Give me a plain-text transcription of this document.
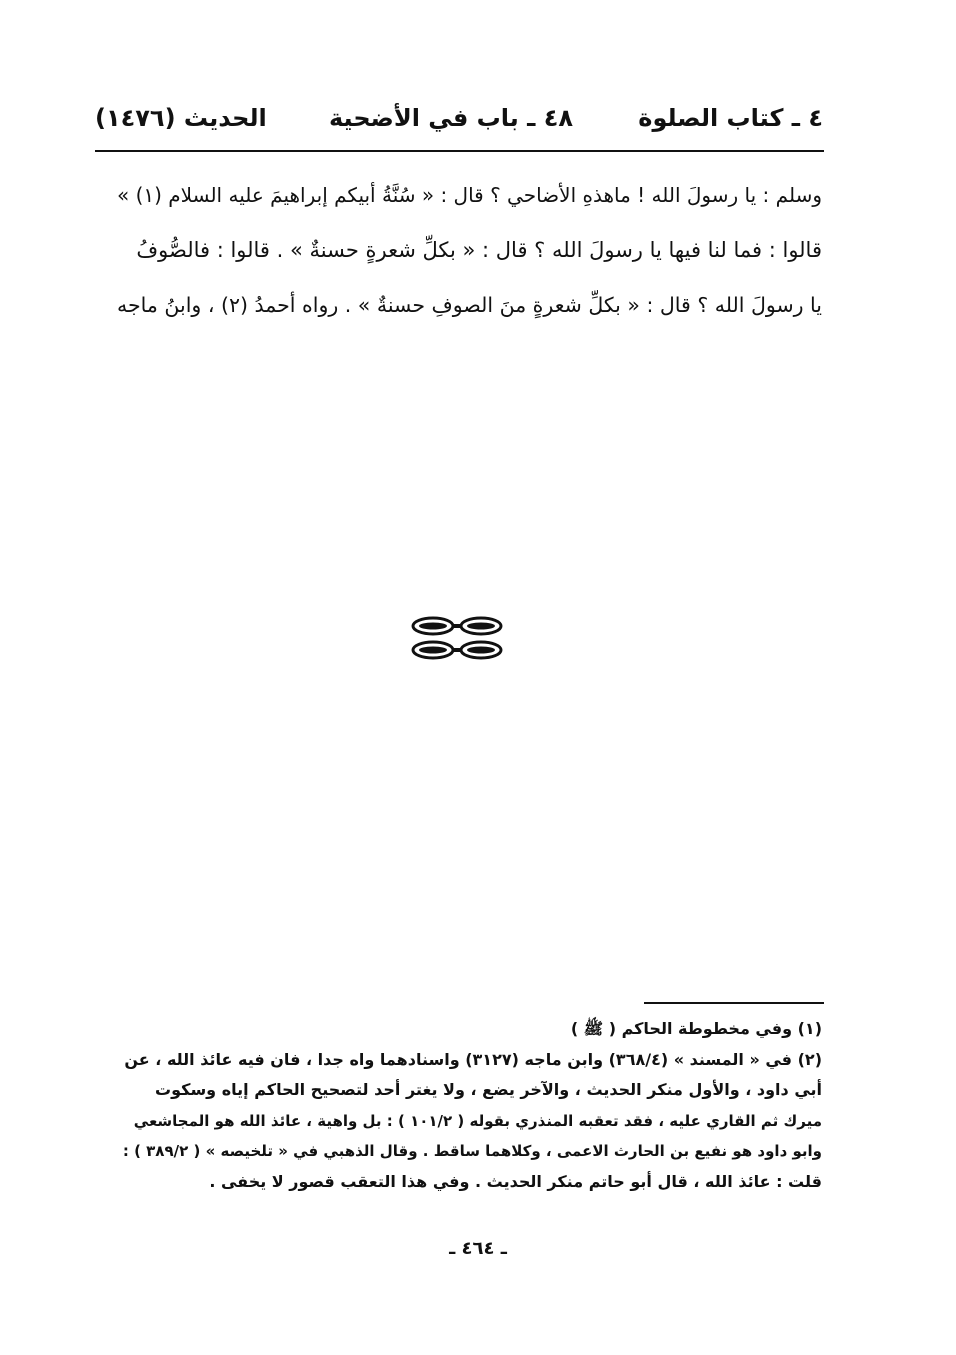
٤ ـ كتاب الصلوة
٤٨ ـ باب في الأضحية
الحديث (١٤٧٦)
وسلم : يا رسولَ الله ! ماهذهِ الأضاحي ؟ قال : « سُنَّةُ أبيكم إبراهيمَ عليه السلام (١) »
قالوا : فما لنا فيها يا رسولَ الله ؟ قال : « بكلِّ شعرةٍ حسنةٌ » . قالوا : فالصُّوفُ
يا رسولَ الله ؟ قال : « بكلِّ شعرةٍ منَ الصوفِ حسنةٌ » . رواه أحمدُ (٢) ، وابنُ ماجه
(١) وفي مخطوطة الحاكم ( ﷺ )
(٢) في « المسند » (٣٦٨/٤) وابن ماجه (٣١٢٧) واسنادهما واه جدا ، فان فيه عائذ الله ، عن
أبي داود ، والأول منكر الحديث ، والآخر يضع ، ولا يغتر أحد لتصحيح الحاكم إياه وسكوت
ميرك ثم القاري عليه ، فقد تعقبه المنذري بقوله ( ١٠١/٢ ) : بل واهية ، عائذ الله هو المجاشعي
وابو داود هو نفيع بن الحارث الاعمى ، وكلاهما ساقط . وقال الذهبي في « تلخيصه » ( ٣٨٩/٢ ) :
قلت : عائذ الله ، قال أبو حاتم منكر الحديث . وفي هذا التعقب قصور لا يخفى .
ـ ٤٦٤ ـ
